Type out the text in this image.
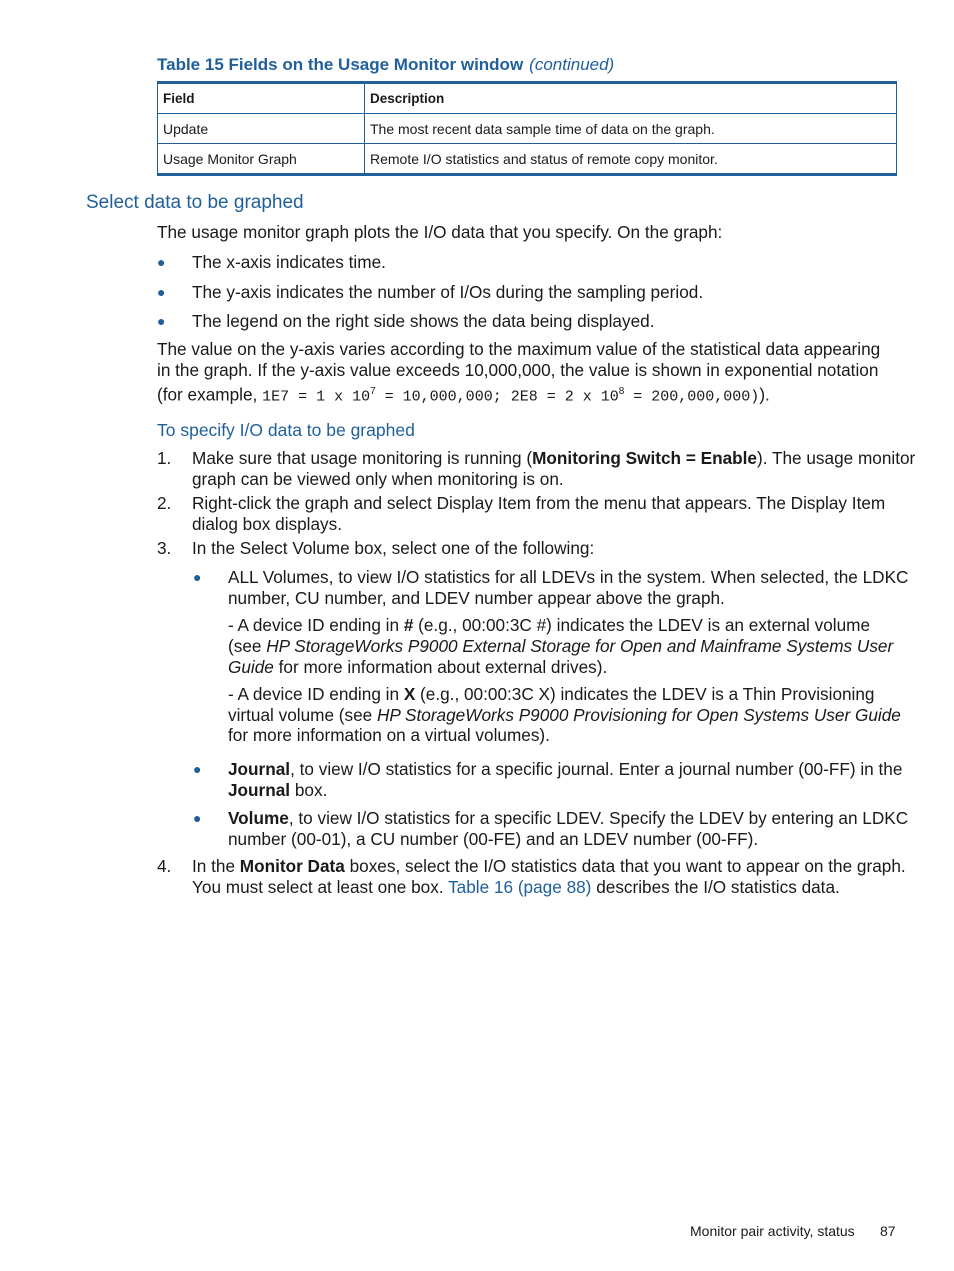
Table 15 Fields on the Usage Monitor window (continued)
Field	Description
Update	The most recent data sample time of data on the graph.
Usage Monitor Graph	Remote I/O statistics and status of remote copy monitor.
Select data to be graphed
The usage monitor graph plots the I/O data that you specify. On the graph:
● The x-axis indicates time.
● The y-axis indicates the number of I/Os during the sampling period.
● The legend on the right side shows the data being displayed.
The value on the y-axis varies according to the maximum value of the statistical data appearing
in the graph. If the y-axis value exceeds 10,000,000, the value is shown in exponential notation
(for example, 1E7 = 1 x $10^7 = 10,000,000$; 2E8 = 2 x $10^8 = 200,000,000$)).
To specify I/O data to be graphed
1. Make sure that usage monitoring is running (Monitoring Switch = Enable). The usage monitor
graph can be viewed only when monitoring is on.
2. Right-click the graph and select Display Item from the menu that appears. The Display Item
dialog box displays.
3. In the Select Volume box, select one of the following:
● ALL Volumes, to view I/O statistics for all LDEVs in the system. When selected, the LDKC
number, CU number, and LDEV number appear above the graph.
- A device ID ending in # (e.g., 00:00:3C #) indicates the LDEV is an external volume
(see HP StorageWorks P9000 External Storage for Open and Mainframe Systems User
Guide for more information about external drives).
- A device ID ending in X (e.g., 00:00:3C X) indicates the LDEV is a Thin Provisioning
virtual volume (see HP StorageWorks P9000 Provisioning for Open Systems User Guide
for more information on a virtual volumes).
● Journal, to view I/O statistics for a specific journal. Enter a journal number (00-FF) in the
Journal box.
● Volume, to view I/O statistics for a specific LDEV. Specify the LDEV by entering an LDKC
number (00-01), a CU number (00-FE) and an LDEV number (00-FF).
4. In the Monitor Data boxes, select the I/O statistics data that you want to appear on the graph.
You must select at least one box. Table 16 (page 88) describes the I/O statistics data.
Monitor pair activity, status 87
